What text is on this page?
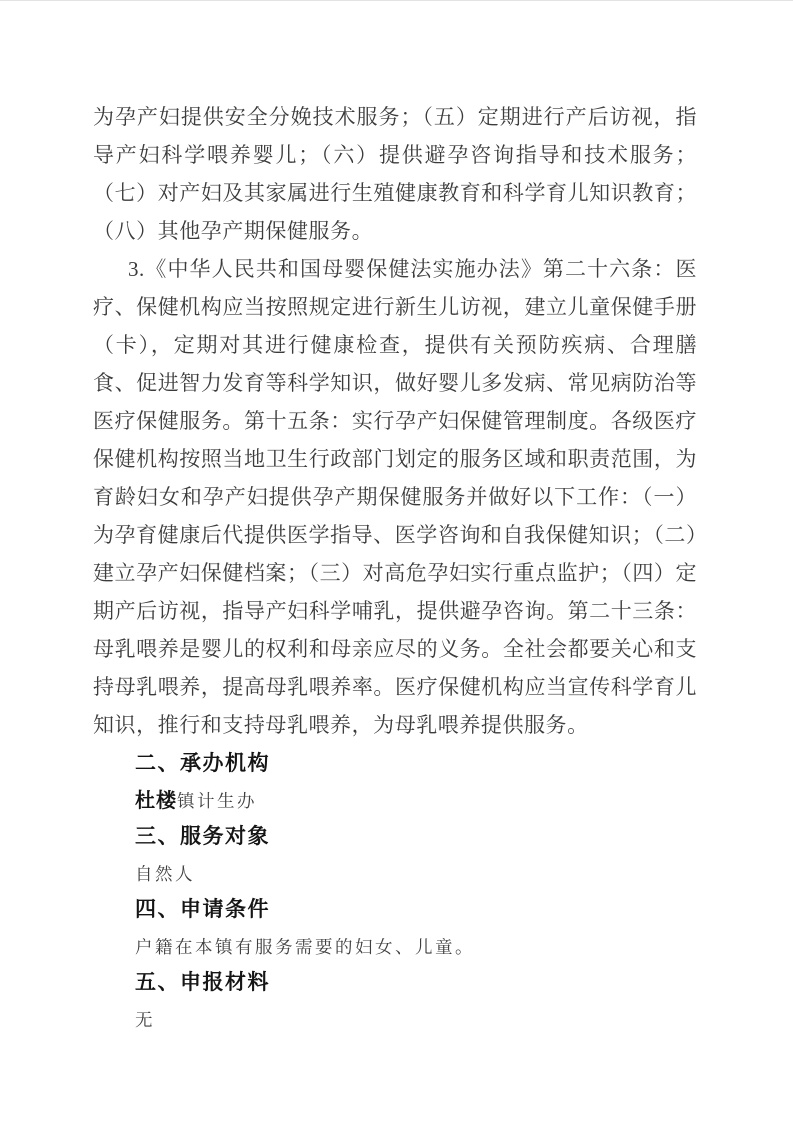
为孕产妇提供安全分娩技术服务；（五）定期进行产后访视，指导产妇科学喂养婴儿；（六）提供避孕咨询指导和技术服务；（七）对产妇及其家属进行生殖健康教育和科学育儿知识教育；（八）其他孕产期保健服务。

3.《中华人民共和国母婴保健法实施办法》第二十六条：医疗、保健机构应当按照规定进行新生儿访视，建立儿童保健手册（卡），定期对其进行健康检查，提供有关预防疾病、合理膳食、促进智力发育等科学知识，做好婴儿多发病、常见病防治等医疗保健服务。第十五条：实行孕产妇保健管理制度。各级医疗保健机构按照当地卫生行政部门划定的服务区域和职责范围，为育龄妇女和孕产妇提供孕产期保健服务并做好以下工作：（一）为孕育健康后代提供医学指导、医学咨询和自我保健知识；（二）建立孕产妇保健档案；（三）对高危孕妇实行重点监护；（四）定期产后访视，指导产妇科学哺乳，提供避孕咨询。第二十三条：母乳喂养是婴儿的权利和母亲应尽的义务。全社会都要关心和支持母乳喂养，提高母乳喂养率。医疗保健机构应当宣传科学育儿知识，推行和支持母乳喂养，为母乳喂养提供服务。

二、承办机构

杜楼镇计生办

三、服务对象

自然人

四、申请条件

户籍在本镇有服务需要的妇女、儿童。

五、申报材料

无
